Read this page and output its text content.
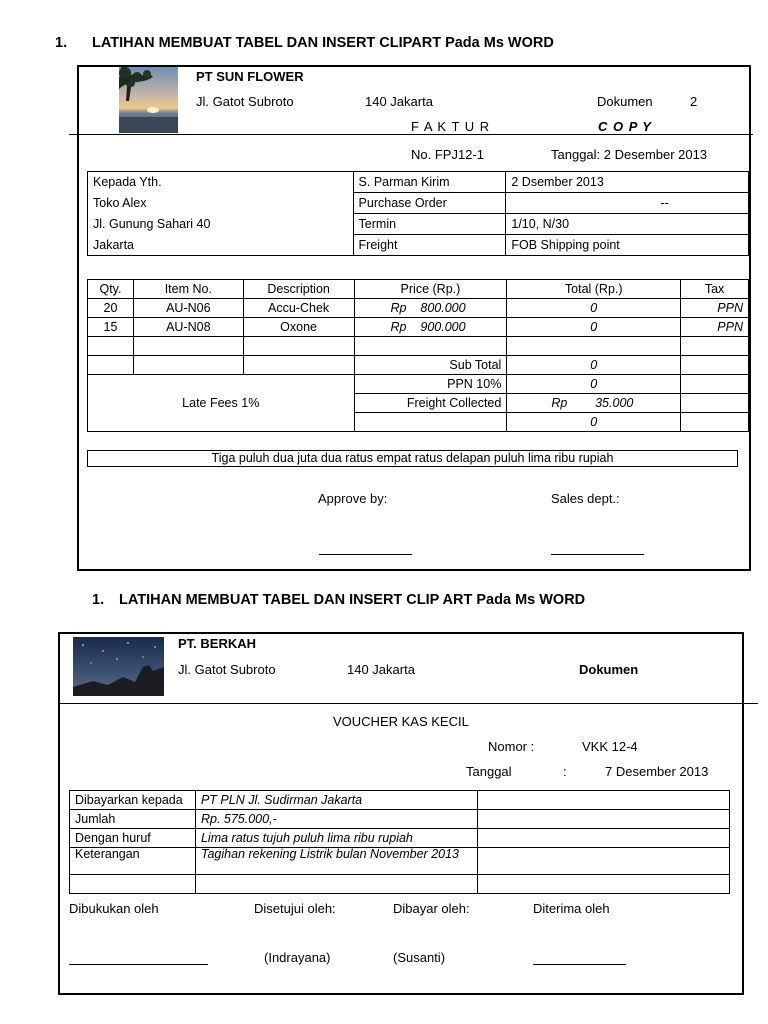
1. LATIHAN MEMBUAT TABEL DAN INSERT CLIPART Pada Ms WORD
PT SUN FLOWER
Jl. Gatot Subroto	140 Jakarta	Dokumen	2
F A K T U R	C O P Y
No. FPJ12-1	Tanggal: 2 Desember 2013
Kepada Yth.	S. Parman Kirim	2 Dsember 2013
Toko Alex	Purchase Order	--
Jl. Gunung Sahari 40	Termin	1/10, N/30
Jakarta	Freight	FOB Shipping point
Qty.	Item No.	Description	Price (Rp.)	Total (Rp.)	Tax
20	AU-N06	Accu-Chek	Rp 800.000	0	PPN
15	AU-N08	Oxone	Rp 900.000	0	PPN

			Sub Total	0	
Late Fees 1%			PPN 10%	0	
			Freight Collected	Rp 35.000	
				0	
Tiga puluh dua juta dua ratus empat ratus delapan puluh lima ribu rupiah
Approve by:	Sales dept.:
1. LATIHAN MEMBUAT TABEL DAN INSERT CLIP ART Pada Ms WORD
PT. BERKAH
Jl. Gatot Subroto	140 Jakarta	Dokumen
VOUCHER KAS KECIL
Nomor :	VKK 12-4
Tanggal	:	7 Desember 2013
Dibayarkan kepada	PT PLN Jl. Sudirman Jakarta	
Jumlah	Rp. 575.000,-	
Dengan huruf	Lima ratus tujuh puluh lima ribu rupiah	
Keterangan	Tagihan rekening Listrik bulan November 2013	

Dibukukan oleh	Disetujui oleh:	Dibayar oleh:	Diterima oleh
(Indrayana)	(Susanti)
